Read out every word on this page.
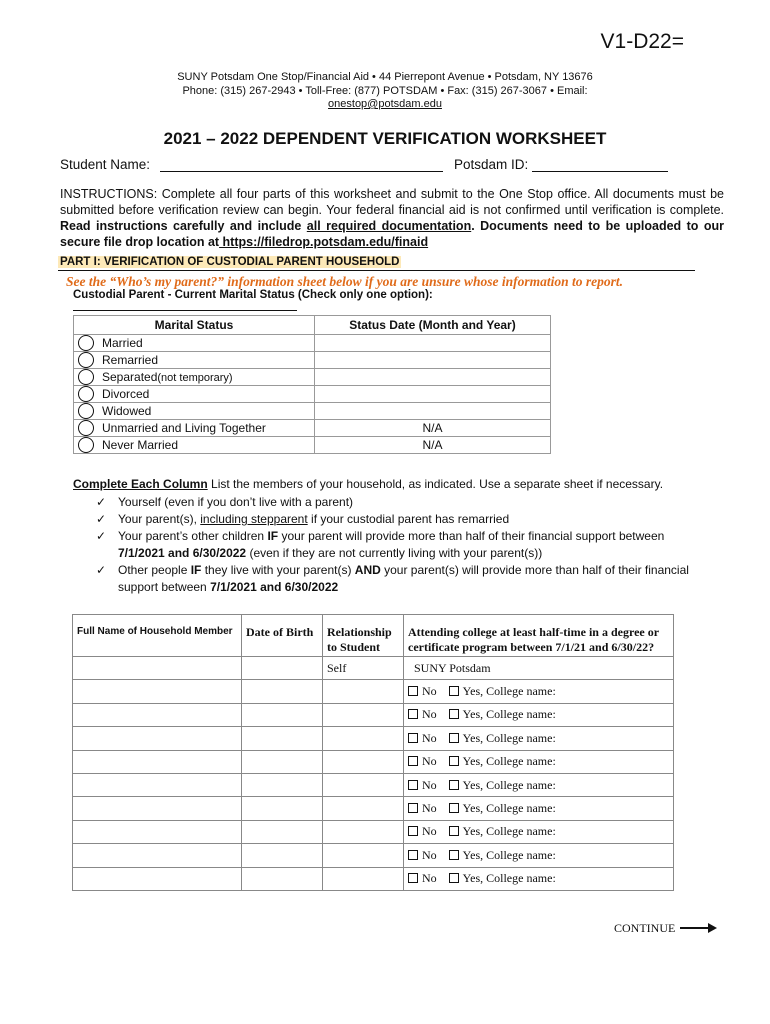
V1-D22=
SUNY Potsdam One Stop/Financial Aid • 44 Pierrepont Avenue • Potsdam, NY 13676
Phone: (315) 267-2943 • Toll-Free: (877) POTSDAM • Fax: (315) 267-3067 • Email:
onestop@potsdam.edu
2021 – 2022 DEPENDENT VERIFICATION WORKSHEET
Student Name:	Potsdam ID:
INSTRUCTIONS: Complete all four parts of this worksheet and submit to the One Stop office. All documents must be submitted before verification review can begin. Your federal financial aid is not confirmed until verification is complete. Read instructions carefully and include all required documentation. Documents need to be uploaded to our secure file drop location at https://filedrop.potsdam.edu/finaid
PART I: VERIFICATION OF CUSTODIAL PARENT HOUSEHOLD
See the “Who’s my parent?” information sheet below if you are unsure whose information to report.
Custodial Parent - Current Marital Status (Check only one option):
Marital Status	Status Date (Month and Year)

Married	

Remarried	

Separated(not temporary)	

Divorced	

Widowed	

Unmarried and Living Together	N/A

Never Married	N/A
Complete Each Column List the members of your household, as indicated. Use a separate sheet if necessary.
✓ Yourself (even if you don’t live with a parent)
✓ Your parent(s), including stepparent if your custodial parent has remarried
✓ Your parent’s other children IF your parent will provide more than half of their financial support between 7/1/2021 and 6/30/2022 (even if they are not currently living with your parent(s))
✓ Other people IF they live with your parent(s) AND your parent(s) will provide more than half of their financial support between 7/1/2021 and 6/30/2022
Full Name of Household Member	Date of Birth	Relationship to Student	Attending college at least half-time in a degree or certificate program between 7/1/21 and 6/30/22?
		Self	SUNY Potsdam
			No Yes, College name:
			No Yes, College name:
			No Yes, College name:
			No Yes, College name:
			No Yes, College name:
			No Yes, College name:
			No Yes, College name:
			No Yes, College name:
			No Yes, College name:
CONTINUE
